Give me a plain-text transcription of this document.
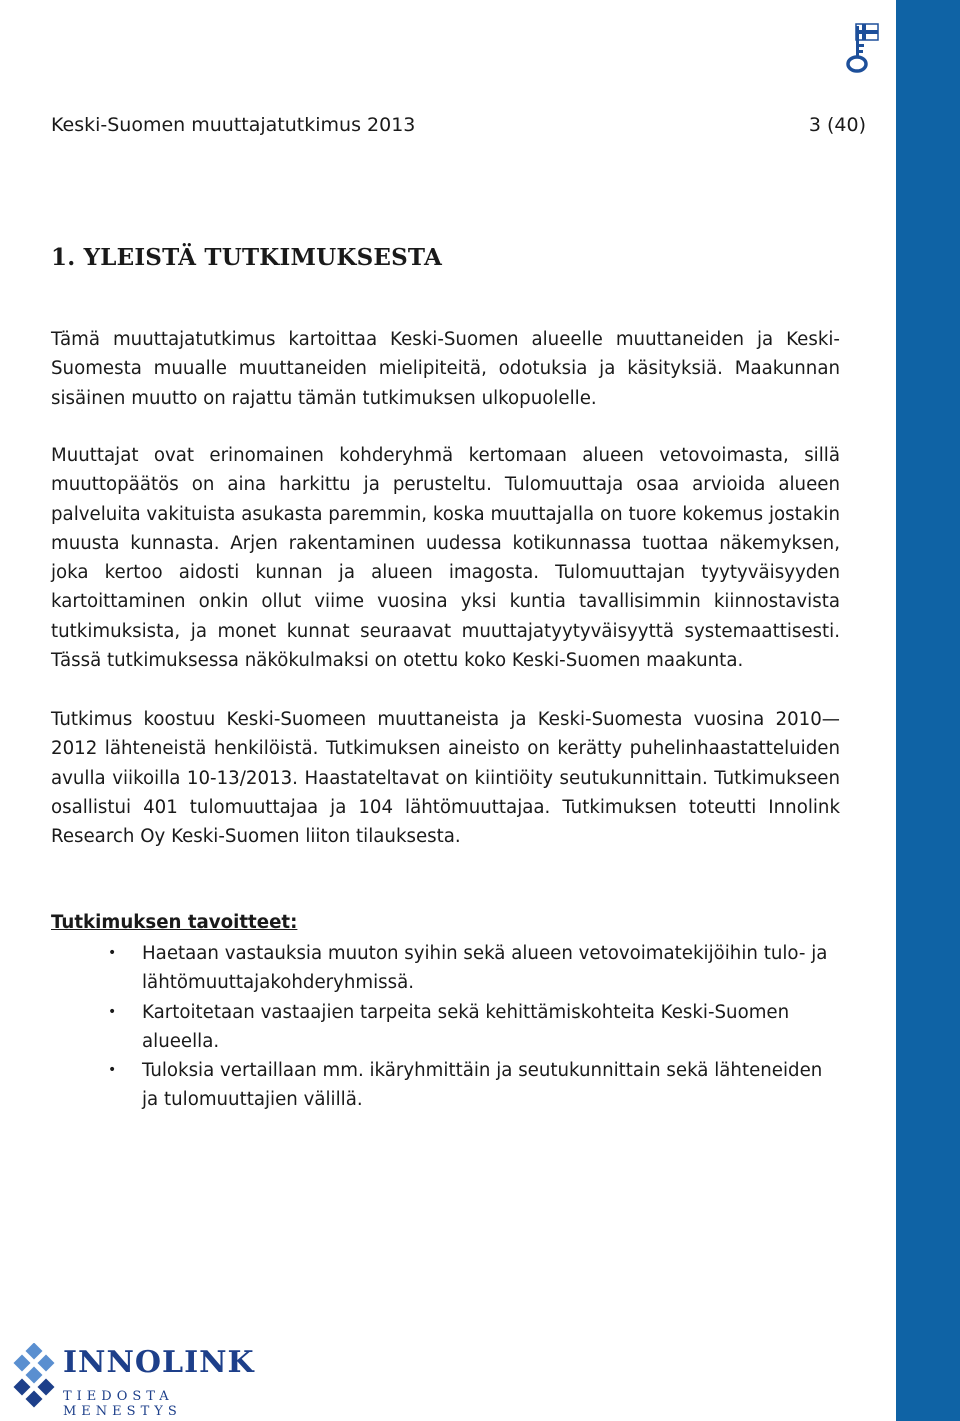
Keski-Suomen muuttajatutkimus 2013	3 (40)
1. YLEISTÄ TUTKIMUKSESTA

Tämä muuttajatutkimus kartoittaa Keski-Suomen alueelle muuttaneiden ja Keski-Suomesta muualle muuttaneiden mielipiteitä, odotuksia ja käsityksiä. Maakunnan sisäinen muutto on rajattu tämän tutkimuksen ulkopuolelle.

Muuttajat ovat erinomainen kohderyhmä kertomaan alueen vetovoimasta, sillä muuttopäätös on aina harkittu ja perusteltu. Tulomuuttaja osaa arvioida alueen palveluita vakituista asukasta paremmin, koska muuttajalla on tuore kokemus jostakin muusta kunnasta. Arjen rakentaminen uudessa kotikunnassa tuottaa näkemyksen, joka kertoo aidosti kunnan ja alueen imagosta. Tulomuuttajan tyytyväisyyden kartoittaminen onkin ollut viime vuosina yksi kuntia tavallisimmin kiinnostavista tutkimuksista, ja monet kunnat seuraavat muuttajatyytyväisyyttä systemaattisesti. Tässä tutkimuksessa näkökulmaksi on otettu koko Keski-Suomen maakunta.

Tutkimus koostuu Keski-Suomeen muuttaneista ja Keski-Suomesta vuosina 2010—2012 lähteneistä henkilöistä. Tutkimuksen aineisto on kerätty puhelinhaastatteluiden avulla viikoilla 10-13/2013. Haastateltavat on kiintiöity seutukunnittain. Tutkimukseen osallistui 401 tulomuuttajaa ja 104 lähtömuuttajaa. Tutkimuksen toteutti Innolink Research Oy Keski-Suomen liiton tilauksesta.

Tutkimuksen tavoitteet:
• Haetaan vastauksia muuton syihin sekä alueen vetovoimatekijöihin tulo- ja lähtömuuttajakohderyhmissä.
• Kartoitetaan vastaajien tarpeita sekä kehittämiskohteita Keski-Suomen alueella.
• Tuloksia vertaillaan mm. ikäryhmittäin ja seutukunnittain sekä lähteneiden ja tulomuuttajien välillä.
INNOLINK
TIEDOSTA MENESTYS
